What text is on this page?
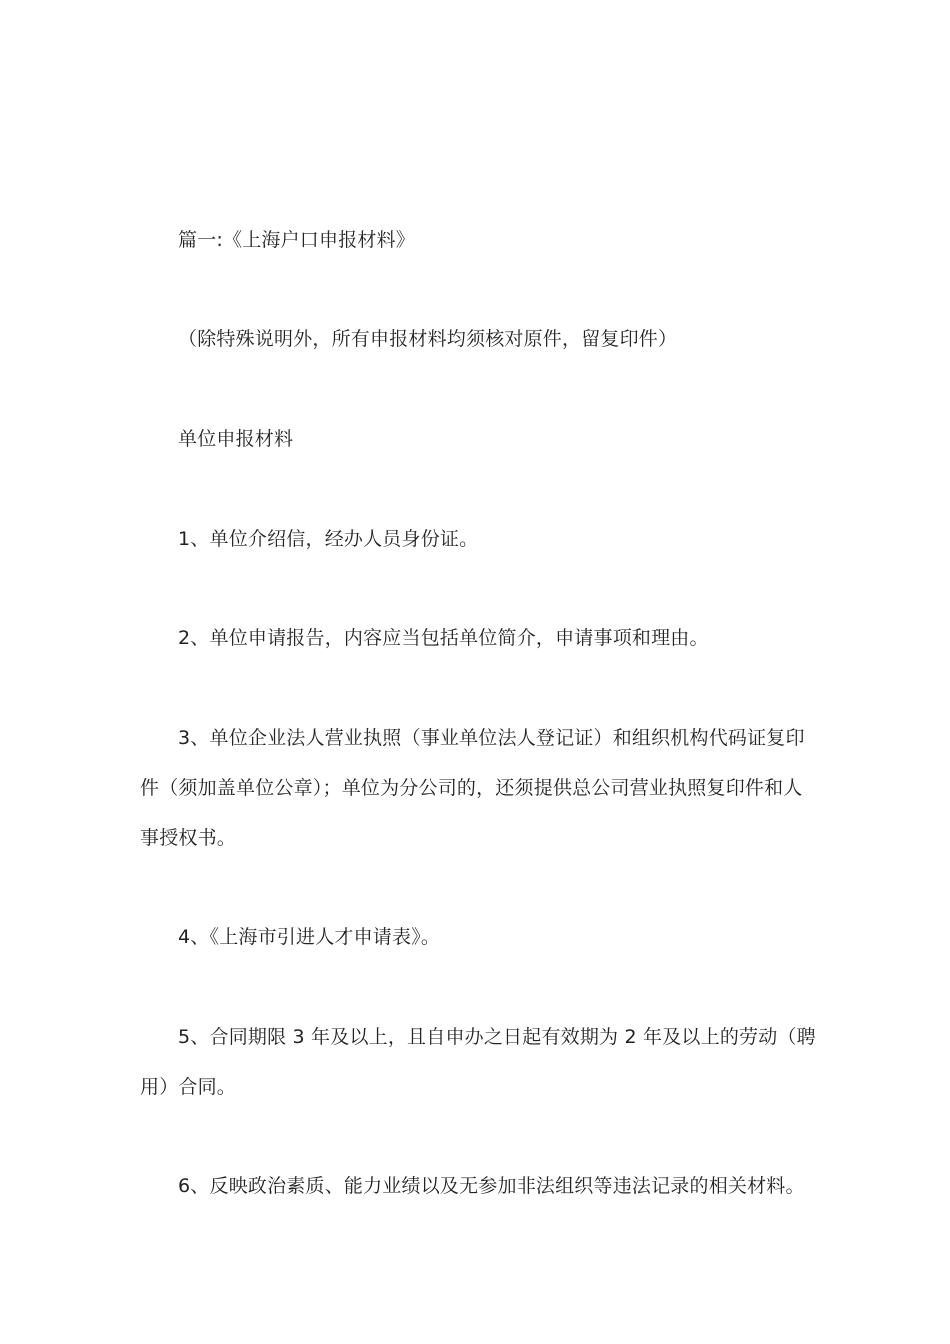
篇一:《上海户口申报材料》

（除特殊说明外，所有申报材料均须核对原件，留复印件）

单位申报材料

1、单位介绍信，经办人员身份证。

2、单位申请报告，内容应当包括单位简介，申请事项和理由。

3、单位企业法人营业执照（事业单位法人登记证）和组织机构代码证复印件（须加盖单位公章）；单位为分公司的，还须提供总公司营业执照复印件和人事授权书。

4、《上海市引进人才申请表》。

5、合同期限 3 年及以上，且自申办之日起有效期为 2 年及以上的劳动（聘用）合同。

6、反映政治素质、能力业绩以及无参加非法组织等违法记录的相关材料。
